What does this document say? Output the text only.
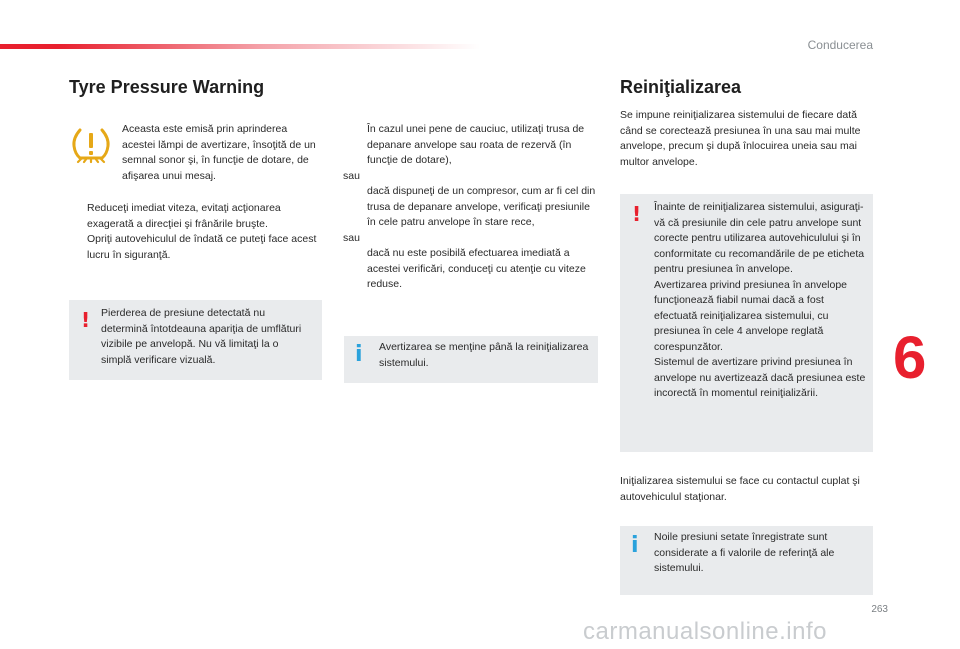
Conducerea
6
Tyre Pressure Warning
Aceasta este emisă prin aprinderea acestei lămpi de avertizare, însoţită de un semnal sonor şi, în funcţie de dotare, de afişarea unui mesaj.
Reduceţi imediat viteza, evitaţi acţionarea exagerată a direcţiei şi frânările bruşte.
Opriţi autovehiculul de îndată ce puteţi face acest lucru în siguranţă.
! Pierderea de presiune detectată nu determină întotdeauna apariţia de umflături vizibile pe anvelopă. Nu vă limitaţi la o simplă verificare vizuală.
În cazul unei pene de cauciuc, utilizaţi trusa de depanare anvelope sau roata de rezervă (în funcţie de dotare),
sau
dacă dispuneţi de un compresor, cum ar fi cel din trusa de depanare anvelope, verificaţi presiunile în cele patru anvelope în stare rece,
sau
dacă nu este posibilă efectuarea imediată a acestei verificări, conduceţi cu atenţie cu viteze reduse.
i Avertizarea se menţine până la reiniţializarea sistemului.
Reiniţializarea
Se impune reiniţializarea sistemului de fiecare dată când se corectează presiunea în una sau mai multe anvelope, precum şi după înlocuirea uneia sau mai multor anvelope.
! Înainte de reiniţializarea sistemului, asiguraţi-vă că presiunile din cele patru anvelope sunt corecte pentru utilizarea autovehiculului şi în conformitate cu recomandările de pe eticheta pentru presiunea în anvelope.
Avertizarea privind presiunea în anvelope funcţionează fiabil numai dacă a fost efectuată reiniţializarea sistemului, cu presiunea în cele 4 anvelope reglată corespunzător.
Sistemul de avertizare privind presiunea în anvelope nu avertizează dacă presiunea este incorectă în momentul reiniţializării.
Iniţializarea sistemului se face cu contactul cuplat şi autovehiculul staţionar.
i Noile presiuni setate înregistrate sunt considerate a fi valorile de referinţă ale sistemului.
263
carmanualsonline.info
